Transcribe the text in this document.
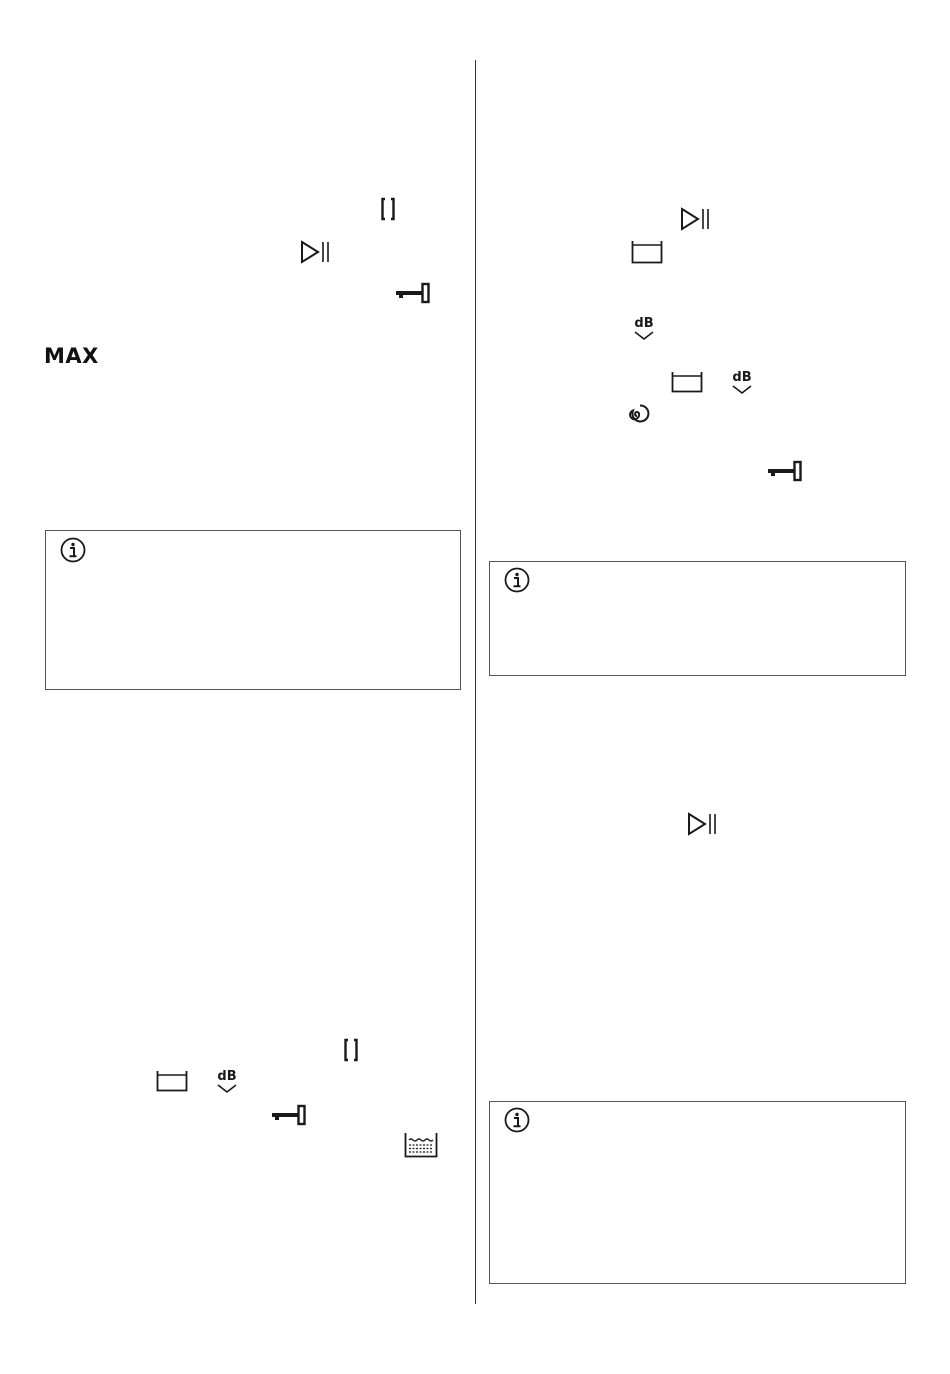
MAX
dB
dB
dB
